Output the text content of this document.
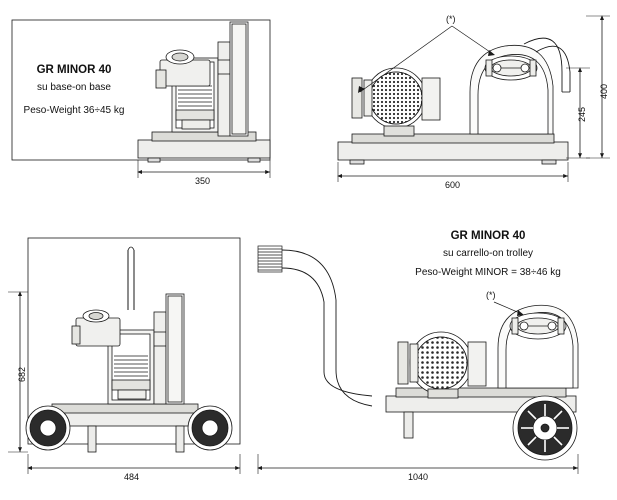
GR MINOR 40
su base-on base
Peso-Weight 36÷45 kg
GR MINOR 40
su carrello-on trolley
Peso-Weight MINOR = 38÷46 kg
350	600
400
245
682
484	1040
(*)
(*)
